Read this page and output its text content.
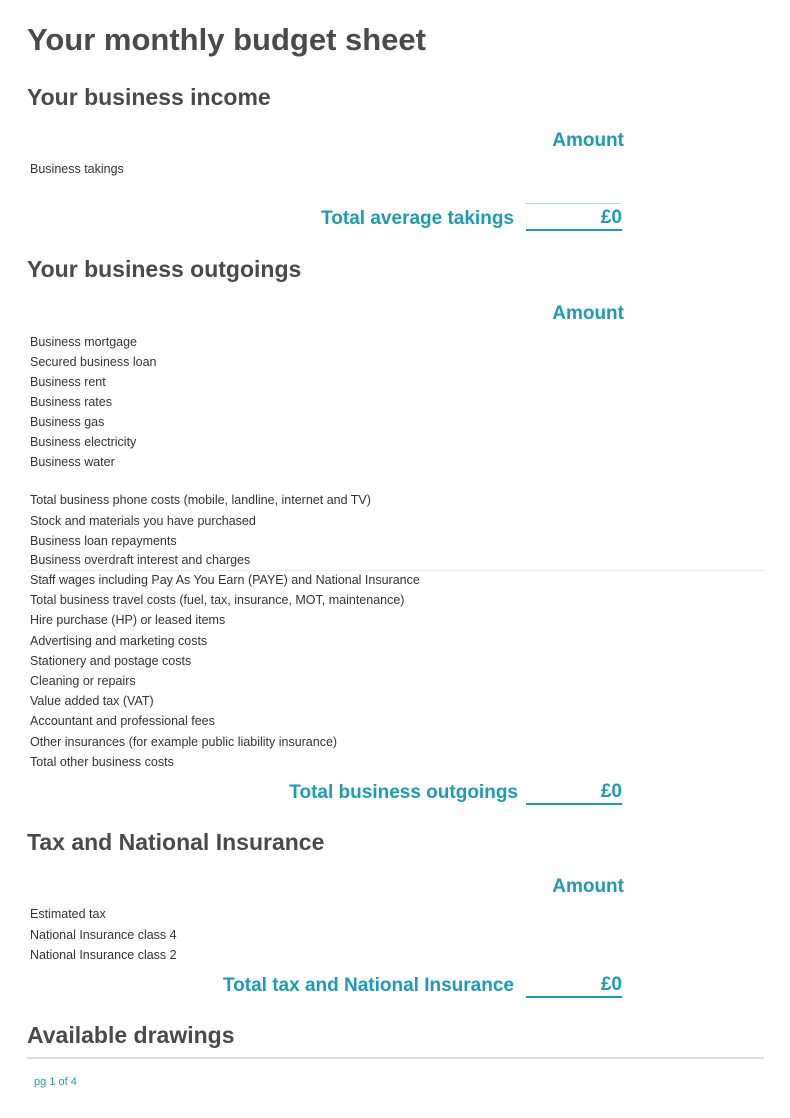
Your monthly budget sheet
Your business income
Amount
Business takings
Total average takings	£0
Your business outgoings
Amount
Business mortgage
Secured business loan
Business rent
Business rates
Business gas
Business electricity
Business water
Total business phone costs (mobile, landline, internet and TV)
Stock and materials you have purchased
Business loan repayments
Business overdraft interest and charges
Staff wages including Pay As You Earn (PAYE) and National Insurance
Total business travel costs (fuel, tax, insurance, MOT, maintenance)
Hire purchase (HP) or leased items
Advertising and marketing costs
Stationery and postage costs
Cleaning or repairs
Value added tax (VAT)
Accountant and professional fees
Other insurances (for example public liability insurance)
Total other business costs
Total business outgoings	£0
Tax and National Insurance
Amount
Estimated tax
National Insurance class 4
National Insurance class 2
Total tax and National Insurance	£0
Available drawings
pg 1 of 4
